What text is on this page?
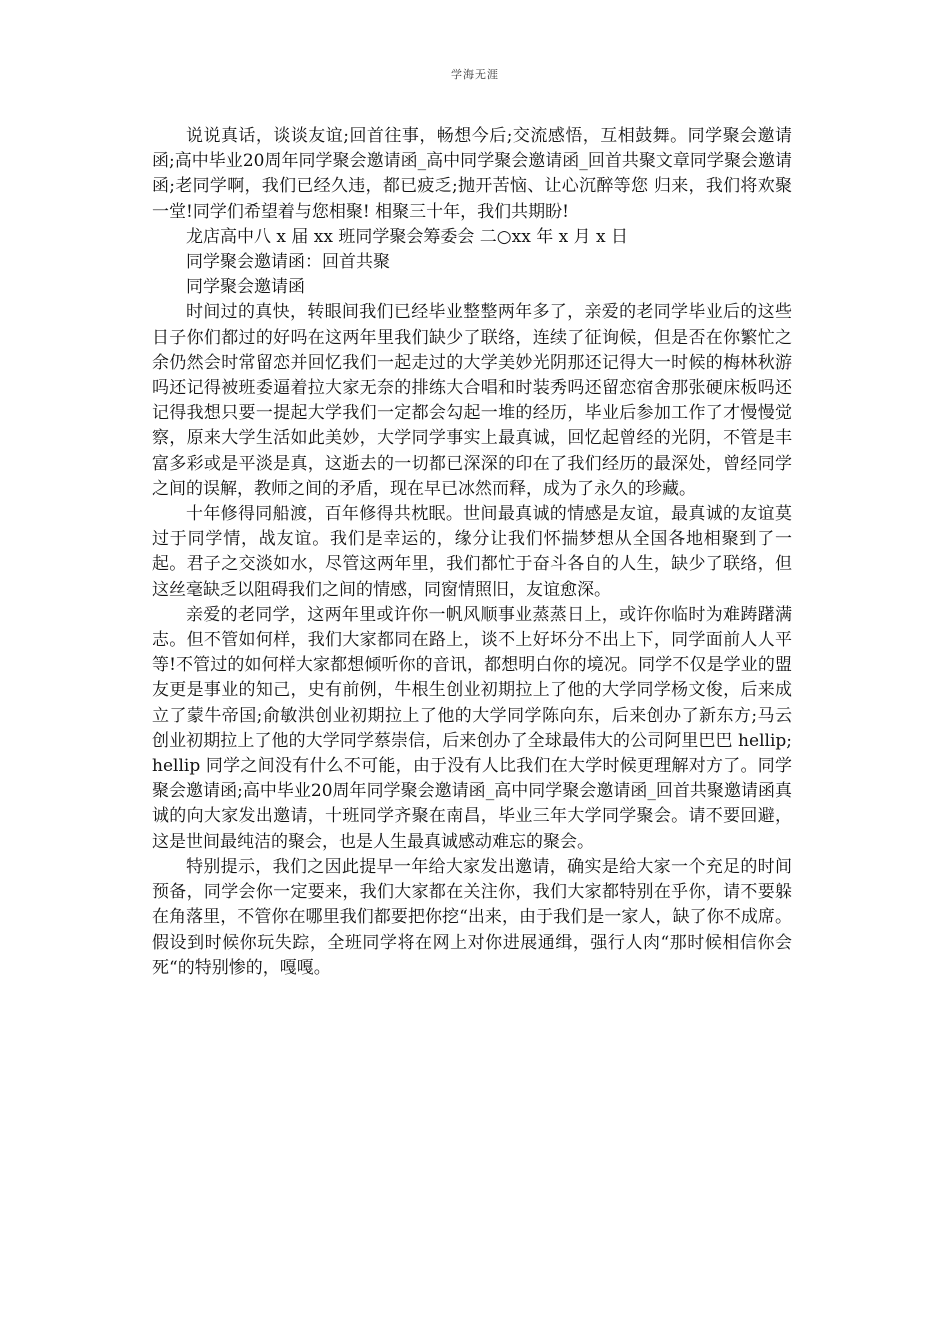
学海无涯

说说真话，谈谈友谊;回首往事，畅想今后;交流感悟，互相鼓舞。同学聚会邀请函;高中毕业20周年同学聚会邀请函_高中同学聚会邀请函_回首共聚文章同学聚会邀请函;老同学啊，我们已经久违，都已疲乏;抛开苦恼、让心沉醉等您 归来，我们将欢聚一堂!同学们希望着与您相聚! 相聚三十年，我们共期盼!

龙店高中八 x 届 xx 班同学聚会筹委会 二○xx 年 x 月 x 日

同学聚会邀请函：回首共聚

同学聚会邀请函

时间过的真快，转眼间我们已经毕业整整两年多了，亲爱的老同学毕业后的这些日子你们都过的好吗在这两年里我们缺少了联络，连续了征询候，但是否在你繁忙之余仍然会时常留恋并回忆我们一起走过的大学美妙光阴那还记得大一时候的梅林秋游吗还记得被班委逼着拉大家无奈的排练大合唱和时装秀吗还留恋宿舍那张硬床板吗还记得我想只要一提起大学我们一定都会勾起一堆的经历，毕业后参加工作了才慢慢觉察，原来大学生活如此美妙，大学同学事实上最真诚，回忆起曾经的光阴，不管是丰富多彩或是平淡是真，这逝去的一切都已深深的印在了我们经历的最深处，曾经同学之间的误解，教师之间的矛盾，现在早已冰然而释，成为了永久的珍藏。

十年修得同船渡，百年修得共枕眠。世间最真诚的情感是友谊，最真诚的友谊莫过于同学情，战友谊。我们是幸运的，缘分让我们怀揣梦想从全国各地相聚到了一起。君子之交淡如水，尽管这两年里，我们都忙于奋斗各自的人生，缺少了联络，但这丝毫缺乏以阻碍我们之间的情感，同窗情照旧，友谊愈深。

亲爱的老同学，这两年里或许你一帆风顺事业蒸蒸日上，或许你临时为难踌躇满志。但不管如何样，我们大家都同在路上，谈不上好坏分不出上下，同学面前人人平等!不管过的如何样大家都想倾听你的音讯，都想明白你的境况。同学不仅是学业的盟友更是事业的知己，史有前例，牛根生创业初期拉上了他的大学同学杨文俊，后来成立了蒙牛帝国;俞敏洪创业初期拉上了他的大学同学陈向东，后来创办了新东方;马云创业初期拉上了他的大学同学蔡崇信，后来创办了全球最伟大的公司阿里巴巴 hellip;hellip 同学之间没有什么不可能，由于没有人比我们在大学时候更理解对方了。同学聚会邀请函;高中毕业20周年同学聚会邀请函_高中同学聚会邀请函_回首共聚邀请函真诚的向大家发出邀请，十班同学齐聚在南昌，毕业三年大学同学聚会。请不要回避，这是世间最纯洁的聚会，也是人生最真诚感动难忘的聚会。

特别提示，我们之因此提早一年给大家发出邀请，确实是给大家一个充足的时间预备，同学会你一定要来，我们大家都在关注你，我们大家都特别在乎你，请不要躲在角落里，不管你在哪里我们都要把你挖“出来，由于我们是一家人，缺了你不成席。假设到时候你玩失踪，全班同学将在网上对你进展通缉，强行人肉“那时候相信你会死“的特别惨的，嘎嘎。
